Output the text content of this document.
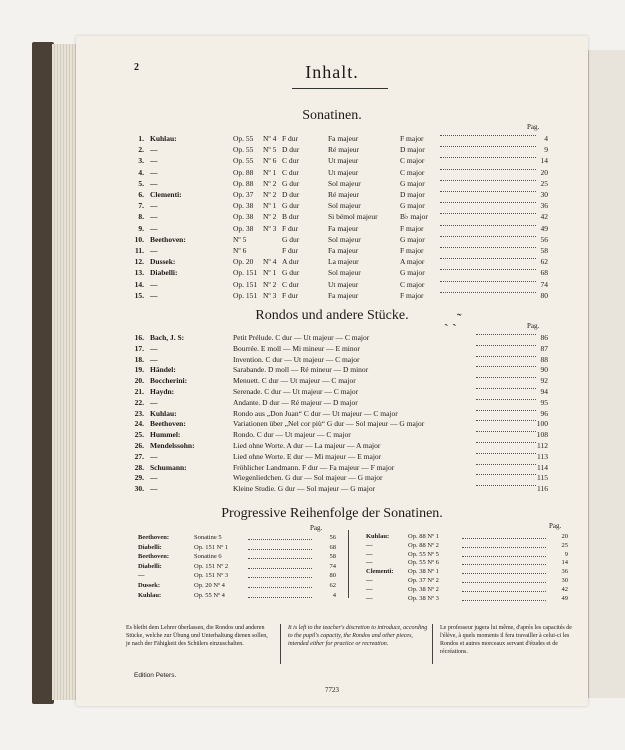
2	Inhalt.
Sonatinen.
Pag.
1. Kuhlau:	Op. 55 Nº 4 F dur	Fa majeur	F major	4
2. —	Op. 55 Nº 5 D dur	Ré majeur	D major	9
3. —	Op. 55 Nº 6 C dur	Ut majeur	C major	14
4. —	Op. 88 Nº 1 C dur	Ut majeur	C major	20
5. —	Op. 88 Nº 2 G dur	Sol majeur	G major	25
6. Clementi:	Op. 37 Nº 2 D dur	Ré majeur	D major	30
7. —	Op. 38 Nº 1 G dur	Sol majeur	G major	36
8. —	Op. 38 Nº 2 B dur	Si bémol majeur	B♭ major	42
9. —	Op. 38 Nº 3 F dur	Fa majeur	F major	49
10. Beethoven:	Nº 5	G dur	Sol majeur	G major	56
11. —	Nº 6	F dur	Fa majeur	F major	58
12. Dussek:	Op. 20 Nº 4 A dur	La majeur	A major	62
13. Diabelli:	Op. 151 Nº 1 G dur	Sol majeur	G major	68
14. —	Op. 151 Nº 2 C dur	Ut majeur	C major	74
15. —	Op. 151 Nº 3 F dur	Fa majeur	F major	80
Rondos und andere Stücke.	ˏ ˏ˜	Pag.
16. Bach, J. S:	Petit Prélude. C dur — Ut majeur — C major	86
17. —	Bourrée. E moll — Mi mineur — E minor	87
18. —	Invention. C dur — Ut majeur — C major	88
19. Händel:	Sarabande. D moll — Ré mineur — D minor	90
20. Boccherini:	Menuett. C dur — Ut majeur — C major	92
21. Haydn:	Serenade. C dur — Ut majeur — C major	94
22. —	Andante. D dur — Ré majeur — D major	95
23. Kuhlau:	Rondo aus „Don Juan“ C dur — Ut majeur — C major	96
24. Beethoven:	Variationen über „Nel cor più“ G dur — Sol majeur — G major	100
25. Hummel:	Rondo. C dur — Ut majeur — C major	108
26. Mendelssohn:	Lied ohne Worte. A dur — La majeur — A major	112
27. —	Lied ohne Worte. E dur — Mi majeur — E major	113
28. Schumann:	Fröhlicher Landmann. F dur — Fa majeur — F major	114
29. —	Wiegenliedchen. G dur — Sol majeur — G major	115
30. —	Kleine Studie. G dur — Sol majeur — G major	116
Progressive Reihenfolge der Sonatinen.
Pag.	Pag.
Beethoven:	Sonatine 5	56
Diabelli:	Op. 151 Nº 1	68
Beethoven:	Sonatine 6	58
Diabelli:	Op. 151 Nº 2	74
—	Op. 151 Nº 3	80
Dussek:	Op. 20 Nº 4	62
Kuhlau:	Op. 55 Nº 4	4
Kuhlau:	Op. 88 Nº 1	20
—	Op. 88 Nº 2	25
—	Op. 55 Nº 5	9
—	Op. 55 Nº 6	14
Clementi: Op. 38 Nº 1	36
—	Op. 37 Nº 2	30
—	Op. 38 Nº 2	42
—	Op. 38 Nº 3	49
Es bleibt dem Lehrer überlassen, die Rondos und anderen Stücke, welche zur Übung und Unterhaltung dienen sollen, je nach der Fähigkeit des Schülers einzuschalten.
It is left to the teacher's discretion to introduce, according to the pupil's capacity, the Rondos and other pieces, intended either for practice or recreation.
Le professeur jugera lui même, d'après les capacités de l'élève, à quels moments il fera travailler à celui-ci les Rondos et autres morceaux servant d'études et de récréations.
Edition Peters.
7723
